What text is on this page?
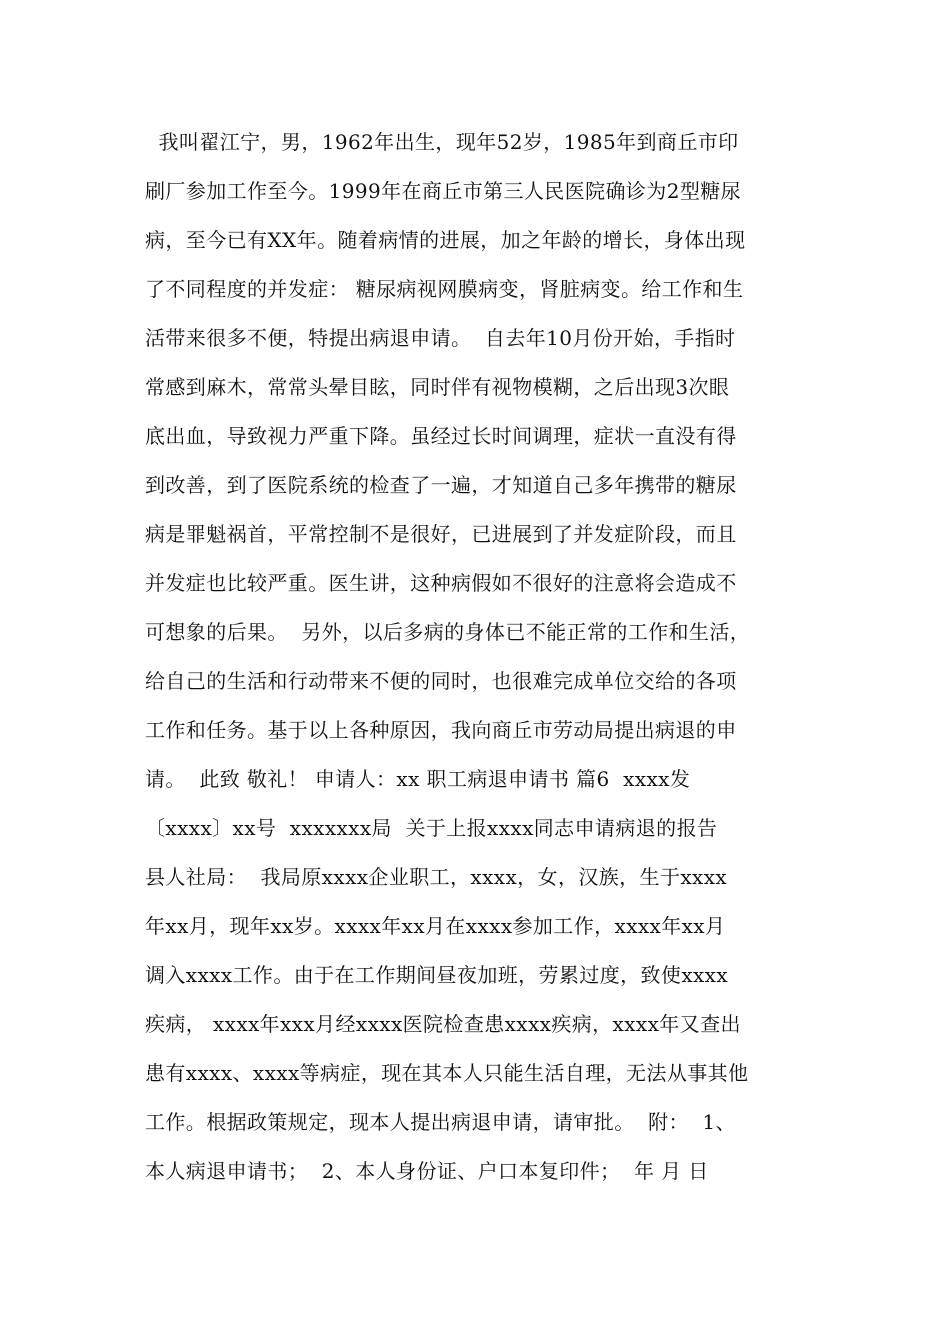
我叫翟江宁，男，1962年出生，现年52岁，1985年到商丘市印
刷厂参加工作至今。1999年在商丘市第三人民医院确诊为2型糖尿
病，至今已有XX年。随着病情的进展，加之年龄的增长，身体出现
了不同程度的并发症： 糖尿病视网膜病变，肾脏病变。给工作和生
活带来很多不便，特提出病退申请。  自去年10月份开始，手指时
常感到麻木，常常头晕目眩，同时伴有视物模糊，之后出现3次眼
底出血，导致视力严重下降。虽经过长时间调理，症状一直没有得
到改善，到了医院系统的检查了一遍，才知道自己多年携带的糖尿
病是罪魁祸首，平常控制不是很好，已进展到了并发症阶段，而且
并发症也比较严重。医生讲，这种病假如不很好的注意将会造成不
可想象的后果。  另外，以后多病的身体已不能正常的工作和生活，
给自己的生活和行动带来不便的同时，也很难完成单位交给的各项
工作和任务。基于以上各种原因，我向商丘市劳动局提出病退的申
请。  此致 敬礼！ 申请人：xx 职工病退申请书 篇6  xxxx发
〔xxxx〕xx号  xxxxxxx局  关于上报xxxx同志申请病退的报告
县人社局：  我局原xxxx企业职工，xxxx，女，汉族，生于xxxx
年xx月，现年xx岁。xxxx年xx月在xxxx参加工作，xxxx年xx月
调入xxxx工作。由于在工作期间昼夜加班，劳累过度，致使xxxx
疾病， xxxx年xxx月经xxxx医院检查患xxxx疾病，xxxx年又查出
患有xxxx、xxxx等病症，现在其本人只能生活自理，无法从事其他
工作。根据政策规定，现本人提出病退申请，请审批。  附：  1、
本人病退申请书；  2、本人身份证、户口本复印件；  年 月 日
